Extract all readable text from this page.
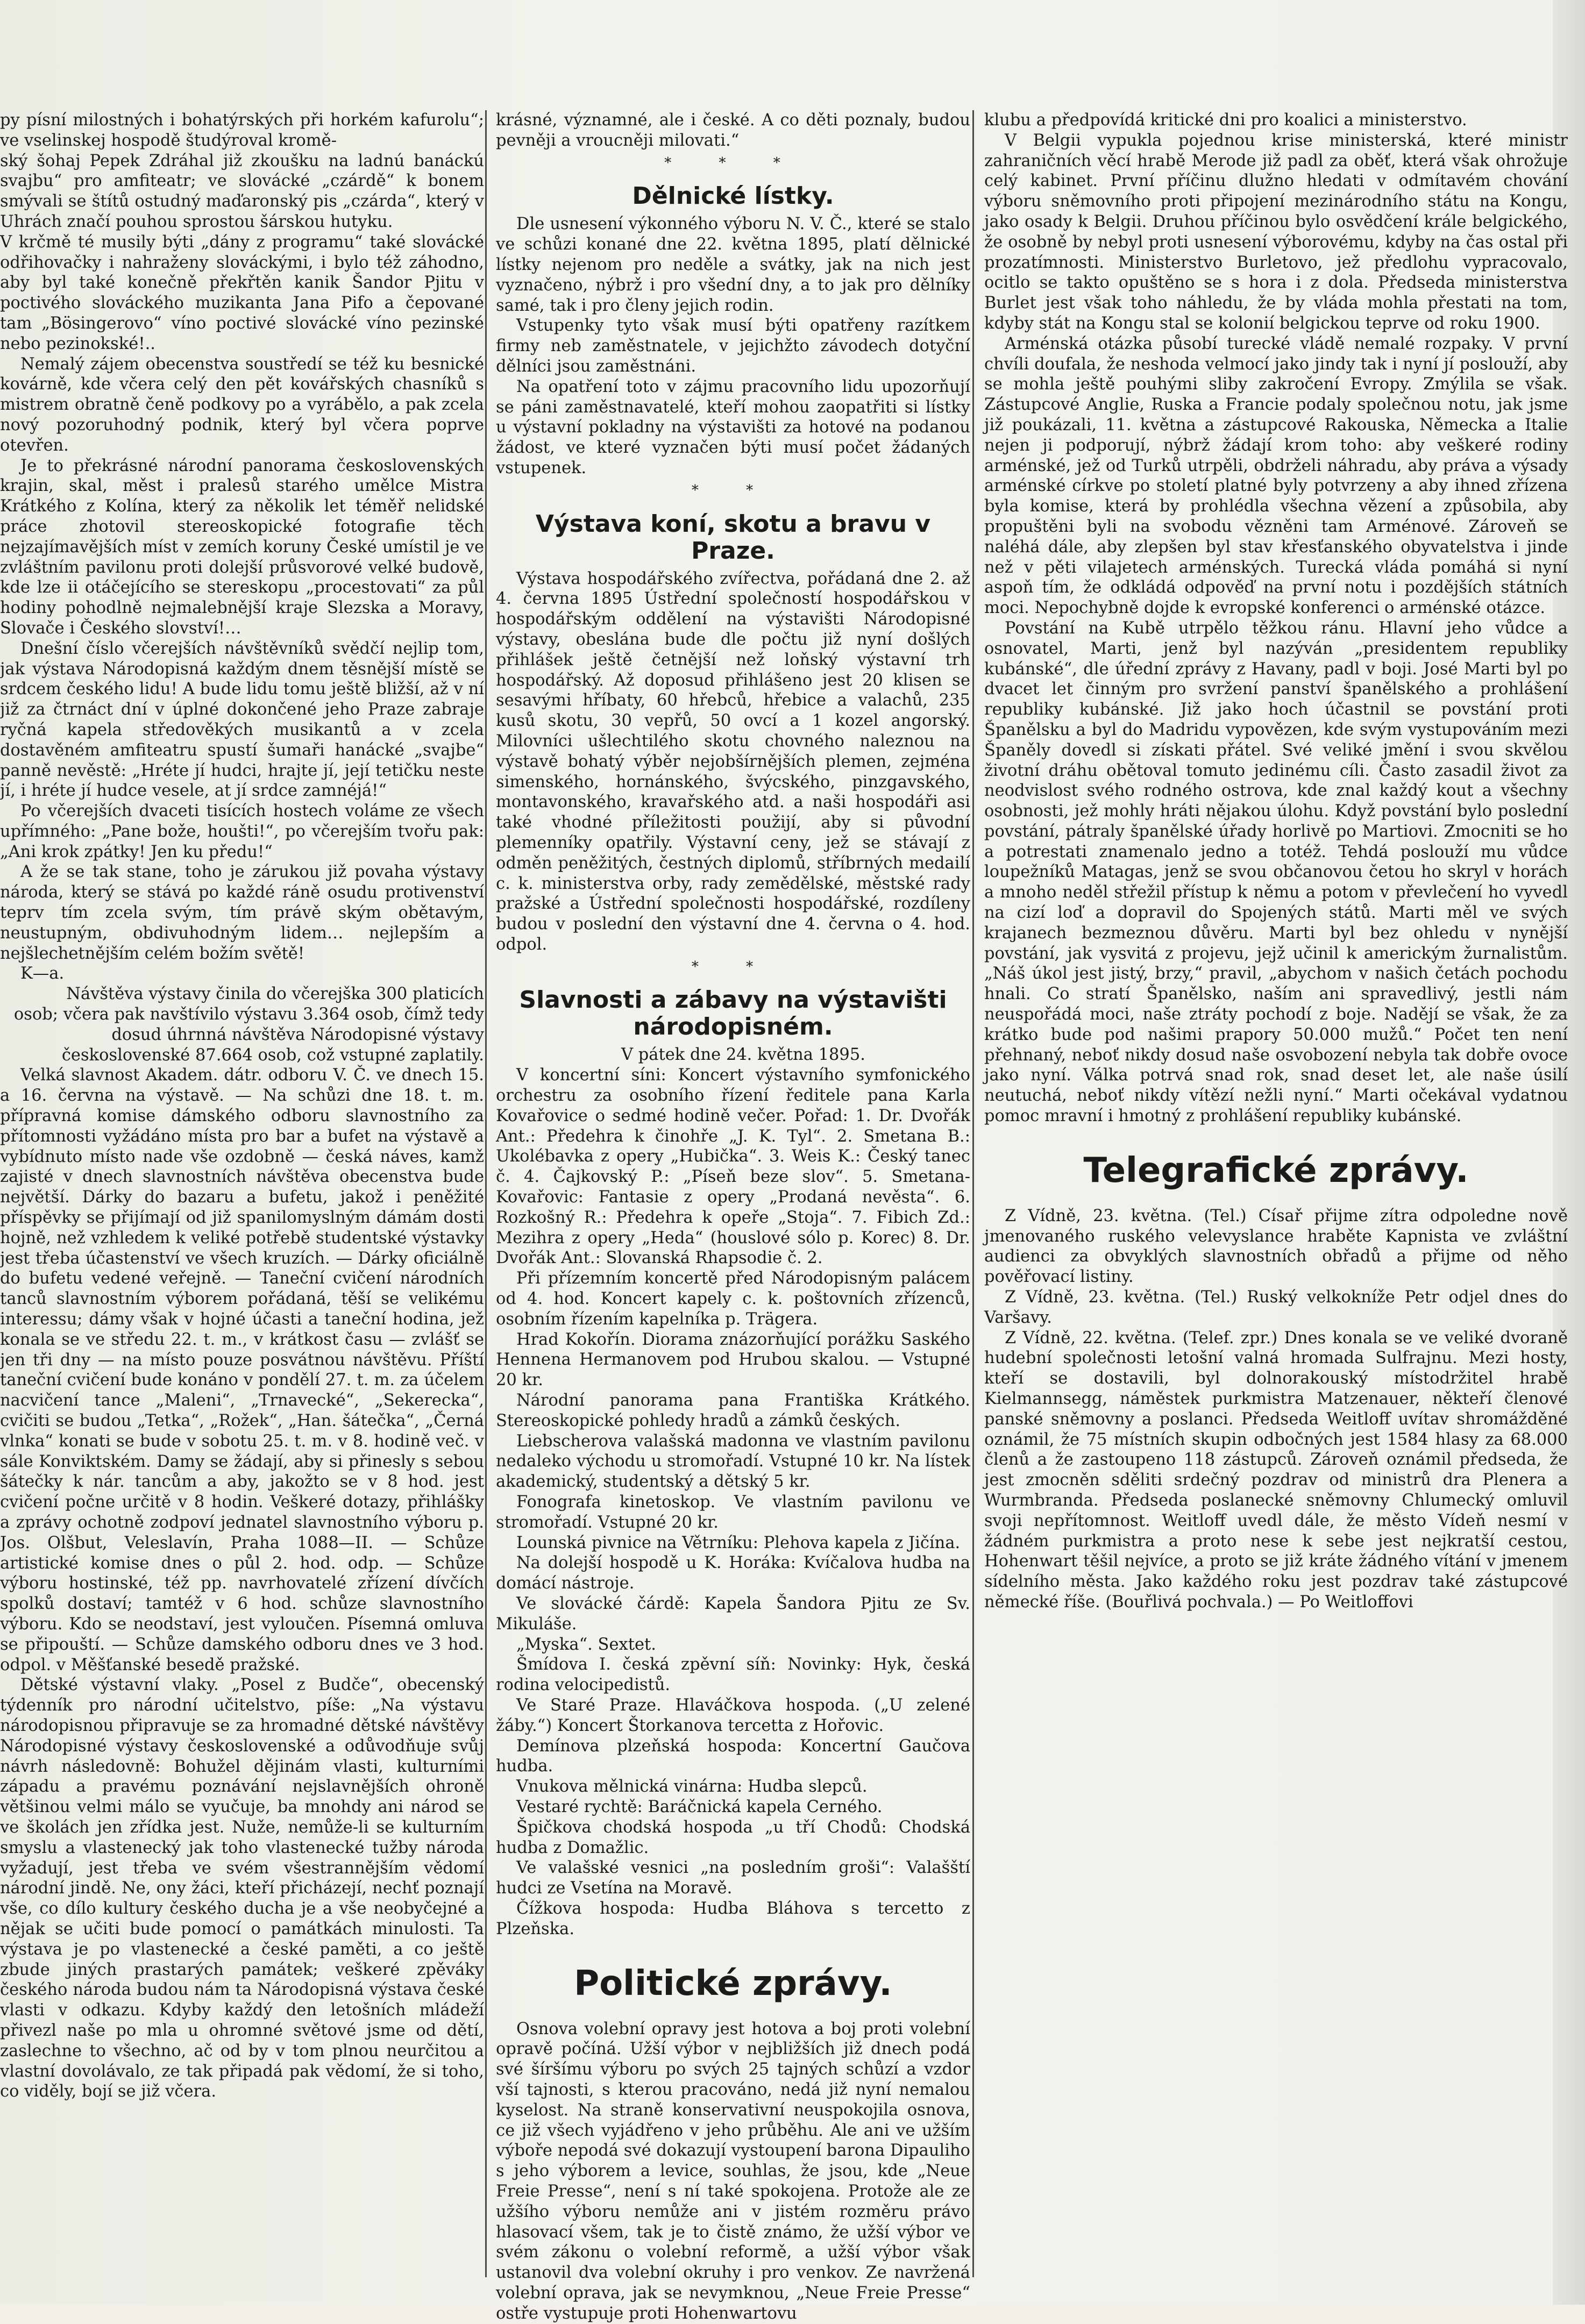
py písní milostných i bohatýrských při horkém kafurolu“; ve vselinskej hospodě študýroval kromě-

ský šohaj Pepek Zdráhal již zkoušku na ladnú banáckú svajbu“ pro amfiteatr; ve slovácké „czárdě“ k bonem smývali se štítů ostudný maďaronský pis „czárda“, který v Uhrách značí pouhou sprostou šárskou hutyku.

V krčmě té musily býti „dány z programu“ také slovácké odřihovačky i nahraženy slováckými, i bylo též záhodno, aby byl také konečně překřtěn kanik Šandor Pjitu v poctivého slováckého muzikanta Jana Pifo a čepované tam „Bösingerovo“ víno poctivé slovácké víno pezinské nebo pezinokské!..

Nemalý zájem obecenstva soustředí se též ku besnické kovárně, kde včera celý den pět kovářských chasníků s mistrem obratně čeně podkovy po a vyrábělo, a pak zcela nový pozoruhodný podnik, který byl včera poprve otevřen.

Je to překrásné národní panorama československých krajin, skal, měst i pralesů starého umělce Mistra Krátkého z Kolína, který za několik let téměř nelidské práce zhotovil stereoskopické fotografie těch nejzajímavějších míst v zemích koruny České umístil je ve zvláštním pavilonu proti dolejší průsvorové velké budově, kde lze ii otáčejícího se stereskopu „procestovati“ za půl hodiny pohodlně nejmalebnější kraje Slezska a Moravy, Slovače i Českého slovství!…

Dnešní číslo včerejších návštěvníků svědčí nejlip tom, jak výstava Národopisná každým dnem těsnější místě se srdcem českého lidu! A bude lidu tomu ještě bližší, až v ní již za čtrnáct dní v úplné dokončené jeho Praze zabraje ryčná kapela středověkých musikantů a v zcela dostavěném amfiteatru spustí šumaři hanácké „svajbe“ panně nevěstě: „Hréte jí hudci, hrajte jí, její tetičku neste jí, i hréte jí hudce vesele, at jí srdce zamnéjá!“

Po včerejších dvaceti tisících hostech voláme ze všech upřímného: „Pane bože, houšti!“, po včerejším tvořu pak: „Ani krok zpátky! Jen ku předu!“

A že se tak stane, toho je zárukou již povaha výstavy národa, který se stává po každé ráně osudu protivenství teprv tím zcela svým, tím právě ským obětavým, neustupným, obdivuhodným lidem… nejlepším a nejšlechetnějším celém božím světě!

K—a.

Návštěva výstavy činila do včerejška 300 platicích osob; včera pak navštívilo výstavu 3.364 osob, čímž tedy dosud úhrnná návštěva Národopisné výstavy československé 87.664 osob, což vstupné zaplatily.

Velká slavnost Akadem. dátr. odboru V. Č. ve dnech 15. a 16. června na výstavě. — Na schůzi dne 18. t. m. přípravná komise dámského odboru slavnostního za přítomnosti vyžádáno místa pro bar a bufet na výstavě a vybídnuto místo nade vše ozdobně — česká náves, kamž zajisté v dnech slavnostních návštěva obecenstva bude největší. Dárky do bazaru a bufetu, jakož i peněžité příspěvky se přijímají od již spanilomyslným dámám dosti hojně, než vzhledem k veliké potřebě studentské výstavky jest třeba účastenství ve všech kruzích. — Dárky oficiálně do bufetu vedené veřejně. — Taneční cvičení národních tanců slavnostním výborem pořádaná, těší se velikému interessu; dámy však v hojné účasti a taneční hodina, jež konala se ve středu 22. t. m., v krátkost času — zvlášť se jen tři dny — na místo pouze posvátnou návštěvu. Příští taneční cvičení bude konáno v pondělí 27. t. m. za účelem nacvičení tance „Maleni“, „Trnavecké“, „Sekerecka“, cvičiti se budou „Tetka“, „Rožek“, „Han. šátečka“, „Černá vlnka“ konati se bude v sobotu 25. t. m. v 8. hodině več. v sále Konviktském. Damy se žádají, aby si přinesly s sebou šátečky k nár. tancům a aby, jakožto se v 8 hod. jest cvičení počne určitě v 8 hodin. Veškeré dotazy, přihlášky a zprávy ochotně zodpoví jednatel slavnostního výboru p. Jos. Olšbut, Veleslavín, Praha 1088—II. — Schůze artistické komise dnes o půl 2. hod. odp. — Schůze výboru hostinské, též pp. navrhovatelé zřízení dívčích spolků dostaví; tamtéž v 6 hod. schůze slavnostního výboru. Kdo se neodstaví, jest vyloučen. Písemná omluva se připouští. — Schůze damského odboru dnes ve 3 hod. odpol. v Měšťanské besedě pražské.

Dětské výstavní vlaky. „Posel z Budče“, obecenský týdenník pro národní učitelstvo, píše: „Na výstavu národopisnou připravuje se za hromadné dětské návštěvy Národopisné výstavy československé a odůvodňuje svůj návrh následovně: Bohužel dějinám vlasti, kulturními západu a pravému poznávání nejslavnějších ohroně většinou velmi málo se vyučuje, ba mnohdy ani národ se ve školách jen zřídka jest. Nuže, nemůže-li se kulturním smyslu a vlastenecký jak toho vlastenecké tužby národa vyžadují, jest třeba ve svém všestrannějším vědomí národní jindě. Ne, ony žáci, kteří přicházejí, nechť poznají vše, co dílo kultury českého ducha je a vše neobyčejné a nějak se učiti bude pomocí o památkách minulosti. Ta výstava je po vlastenecké a české paměti, a co ještě zbude jiných prastarých památek; veškeré zpěváky českého národa budou nám ta Národopisná výstava české vlasti v odkazu. Kdyby každý den letošních mládeží přivezl naše po mla u ohromné světové jsme od dětí, zaslechne to všechno, ač od by v tom plnou neurčitou a vlastní dovolávalo, ze tak připadá pak vědomí, že si toho, co viděly, bojí se již včera.

krásné, významné, ale i české. A co děti poznaly, budou pevněji a vroucněji milovati.“

* * *
Dělnické lístky.

Dle usnesení výkonného výboru N. V. Č., které se stalo ve schůzi konané dne 22. května 1895, platí dělnické lístky nejenom pro neděle a svátky, jak na nich jest vyznačeno, nýbrž i pro všední dny, a to jak pro dělníky samé, tak i pro členy jejich rodin.

Vstupenky tyto však musí býti opatřeny razítkem firmy neb zaměstnatele, v jejichžto závodech dotyční dělníci jsou zaměstnáni.

Na opatření toto v zájmu pracovního lidu upozorňují se páni zaměstnavatelé, kteří mohou zaopatřiti si lístky u výstavní pokladny na výstavišti za hotové na podanou žádost, ve které vyznačen býti musí počet žádaných vstupenek.

* *
Výstava koní, skotu a bravu v Praze.

Výstava hospodářského zvířectva, pořádaná dne 2. až 4. června 1895 Ústřední společností hospodářskou v hospodářským oddělení na výstavišti Národopisné výstavy, obeslána bude dle počtu již nyní došlých přihlášek ještě četnější než loňský výstavní trh hospodářský. Až doposud přihlášeno jest 20 klisen se sesavými hříbaty, 60 hřebců, hřebice a valachů, 235 kusů skotu, 30 vepřů, 50 ovcí a 1 kozel angorský. Milovníci ušlechtilého skotu chovného naleznou na výstavě bohatý výběr nejobšírnějších plemen, zejména simenského, hornánského, švýcského, pinzgavského, montavonského, kravařského atd. a naši hospodáři asi také vhodné příležitosti použijí, aby si původní plemenníky opatřily. Výstavní ceny, jež se stávají z odměn peněžitých, čestných diplomů, stříbrných medailí c. k. ministerstva orby, rady zemědělské, městské rady pražské a Ústřední společnosti hospodářské, rozdíleny budou v poslední den výstavní dne 4. června o 4. hod. odpol.

* *
Slavnosti a zábavy na výstavišti národopisném.

V pátek dne 24. května 1895.

V koncertní síni: Koncert výstavního symfonického orchestru za osobního řízení ředitele pana Karla Kovařovice o sedmé hodině večer. Pořad: 1. Dr. Dvořák Ant.: Předehra k činohře „J. K. Tyl“. 2. Smetana B.: Ukolébavka z opery „Hubička“. 3. Weis K.: Český tanec č. 4. Čajkovský P.: „Píseň beze slov“. 5. Smetana-Kovařovic: Fantasie z opery „Prodaná nevěsta“. 6. Rozkošný R.: Předehra k opeře „Stoja“. 7. Fibich Zd.: Mezihra z opery „Heda“ (houslové sólo p. Korec) 8. Dr. Dvořák Ant.: Slovanská Rhapsodie č. 2.

Při přízemním koncertě před Národopisným palácem od 4. hod. Koncert kapely c. k. poštovních zřízenců, osobním řízením kapelníka p. Trägera.

Hrad Kokořín. Diorama znázorňující porážku Saského Hennena Hermanovem pod Hrubou skalou. — Vstupné 20 kr.

Národní panorama pana Františka Krátkého. Stereoskopické pohledy hradů a zámků českých.

Liebscherova valašská madonna ve vlastním pavilonu nedaleko východu u stromořadí. Vstupné 10 kr. Na lístek akademický, studentský a dětský 5 kr.

Fonografa kinetoskop. Ve vlastním pavilonu ve stromořadí. Vstupné 20 kr.

Lounská pivnice na Větrníku: Plehova kapela z Jičína.

Na dolejší hospodě u K. Horáka: Kvíčalova hudba na domácí nástroje.

Ve slovácké čárdě: Kapela Šandora Pjitu ze Sv. Mikuláše.

„Myska“. Sextet.

Šmídova I. česká zpěvní síň: Novinky: Hyk, česká rodina velocipedistů.

Ve Staré Praze. Hlaváčkova hospoda. („U zelené žáby.“) Koncert Štorkanova tercetta z Hořovic.

Demínova plzeňská hospoda: Koncertní Gaučova hudba.

Vnukova mělnická vinárna: Hudba slepců.

Vestaré rychtě: Baráčnická kapela Cerného.

Špičkova chodská hospoda „u tří Chodů: Chodská hudba z Domažlic.

Ve valašské vesnici „na posledním groši“: Valašští hudci ze Vsetína na Moravě.

Čížkova hospoda: Hudba Bláhova s tercetto z Plzeňska.

Politické zprávy.

Osnova volební opravy jest hotova a boj proti volební opravě počíná. Užší výbor v nejbližších již dnech podá své šíršímu výboru po svých 25 tajných schůzí a vzdor vší tajnosti, s kterou pracováno, nedá již nyní nemalou kyselost. Na straně konservativní neuspokojila osnova, ce již všech vyjádřeno v jeho průběhu. Ale ani ve užším výboře nepodá své dokazují vystoupení barona Dipauliho s jeho výborem a levice, souhlas, že jsou, kde „Neue Freie Presse“, není s ní také spokojena. Protože ale ze užšího výboru nemůže ani v jistém rozměru právo hlasovací všem, tak je to čistě známo, že užší výbor ve svém zákonu o volební reformě, a užší výbor však ustanovil dva volební okruhy i pro venkov. Ze navržená volební oprava, jak se nevymknou, „Neue Freie Presse“ ostře vystupuje proti Hohenwartovu

klubu a předpovídá kritické dni pro koalici a ministerstvo.

V Belgii vypukla pojednou krise ministerská, které ministr zahraničních věcí hrabě Merode již padl za oběť, která však ohrožuje celý kabinet. První příčinu dlužno hledati v odmítavém chování výboru sněmovního proti připojení mezinárodního státu na Kongu, jako osady k Belgii. Druhou příčinou bylo osvědčení krále belgického, že osobně by nebyl proti usnesení výborovému, kdyby na čas ostal při prozatímnosti. Ministerstvo Burletovo, jež předlohu vypracovalo, ocitlo se takto opuštěno se s hora i z dola. Předseda ministerstva Burlet jest však toho náhledu, že by vláda mohla přestati na tom, kdyby stát na Kongu stal se kolonií belgickou teprve od roku 1900.

Arménská otázka působí turecké vládě nemalé rozpaky. V první chvíli doufala, že neshoda velmocí jako jindy tak i nyní jí poslouží, aby se mohla ještě pouhými sliby zakročení Evropy. Zmýlila se však. Zástupcové Anglie, Ruska a Francie podaly společnou notu, jak jsme již poukázali, 11. května a zástupcové Rakouska, Německa a Italie nejen ji podporují, nýbrž žádají krom toho: aby veškeré rodiny arménské, jež od Turků utrpěli, obdrželi náhradu, aby práva a výsady arménské církve po století platné byly potvrzeny a aby ihned zřízena byla komise, která by prohlédla všechna vězení a způsobila, aby propuštěni byli na svobodu vězněni tam Arménové. Zároveň se naléhá dále, aby zlepšen byl stav křesťanského obyvatelstva i jinde než v pěti vilajetech arménských. Turecká vláda pomáhá si nyní aspoň tím, že odkládá odpověď na první notu i pozdějších státních moci. Nepochybně dojde k evropské konferenci o arménské otázce.

Povstání na Kubě utrpělo těžkou ránu. Hlavní jeho vůdce a osnovatel, Marti, jenž byl nazýván „presidentem republiky kubánské“, dle úřední zprávy z Havany, padl v boji. José Marti byl po dvacet let činným pro svržení panství španělského a prohlášení republiky kubánské. Již jako hoch účastnil se povstání proti Španělsku a byl do Madridu vypovězen, kde svým vystupováním mezi Španěly dovedl si získati přátel. Své veliké jmění i svou skvělou životní dráhu obětoval tomuto jedinému cíli. Často zasadil život za neodvislost svého rodného ostrova, kde znal každý kout a všechny osobnosti, jež mohly hráti nějakou úlohu. Když povstání bylo poslední povstání, pátraly španělské úřady horlivě po Martiovi. Zmocniti se ho a potrestati znamenalo jedno a totéž. Tehdá poslouží mu vůdce loupežníků Matagas, jenž se svou občanovou četou ho skryl v horách a mnoho neděl střežil přístup k němu a potom v převlečení ho vyvedl na cizí loď a dopravil do Spojených států. Marti měl ve svých krajanech bezmeznou důvěru. Marti byl bez ohledu v nynější povstání, jak vysvitá z projevu, jejž učinil k americkým žurnalistům. „Náš úkol jest jistý, brzy,“ pravil, „abychom v našich četách pochodu hnali. Co stratí Španělsko, naším ani spravedlivý, jestli nám neuspořádá moci, naše ztráty pochodí z boje. Nadějí se však, že za krátko bude pod našimi prapory 50.000 mužů.“ Počet ten není přehnaný, neboť nikdy dosud naše osvobození nebyla tak dobře ovoce jako nyní. Válka potrvá snad rok, snad deset let, ale naše úsilí neutuchá, neboť nikdy vítězí nežli nyní.“ Marti očekával vydatnou pomoc mravní i hmotný z prohlášení republiky kubánské.

Telegrafické zprávy.

Z Vídně, 23. května. (Tel.) Císař přijme zítra odpoledne nově jmenovaného ruského velevyslance hraběte Kapnista ve zvláštní audienci za obvyklých slavnostních obřadů a přijme od něho pověřovací listiny.

Z Vídně, 23. května. (Tel.) Ruský velkokníže Petr odjel dnes do Varšavy.

Z Vídně, 22. května. (Telef. zpr.) Dnes konala se ve veliké dvoraně hudební společnosti letošní valná hromada Sulfrajnu. Mezi hosty, kteří se dostavili, byl dolnorakouský místodržitel hrabě Kielmannsegg, náměstek purkmistra Matzenauer, někteří členové panské sněmovny a poslanci. Předseda Weitloff uvítav shromážděné oznámil, že 75 místních skupin odbočných jest 1584 hlasy za 68.000 členů a že zastoupeno 118 zástupců. Zároveň oznámil předseda, že jest zmocněn sděliti srdečný pozdrav od ministrů dra Plenera a Wurmbranda. Předseda poslanecké sněmovny Chlumecký omluvil svoji nepřítomnost. Weitloff uvedl dále, že město Vídeň nesmí v žádném purkmistra a proto nese k sebe jest nejkratší cestou, Hohenwart těšil nejvíce, a proto se již kráte žádného vítání v jmenem sídelního města. Jako každého roku jest pozdrav také zástupcové německé říše. (Bouřlivá pochvala.) — Po Weitloffovi
